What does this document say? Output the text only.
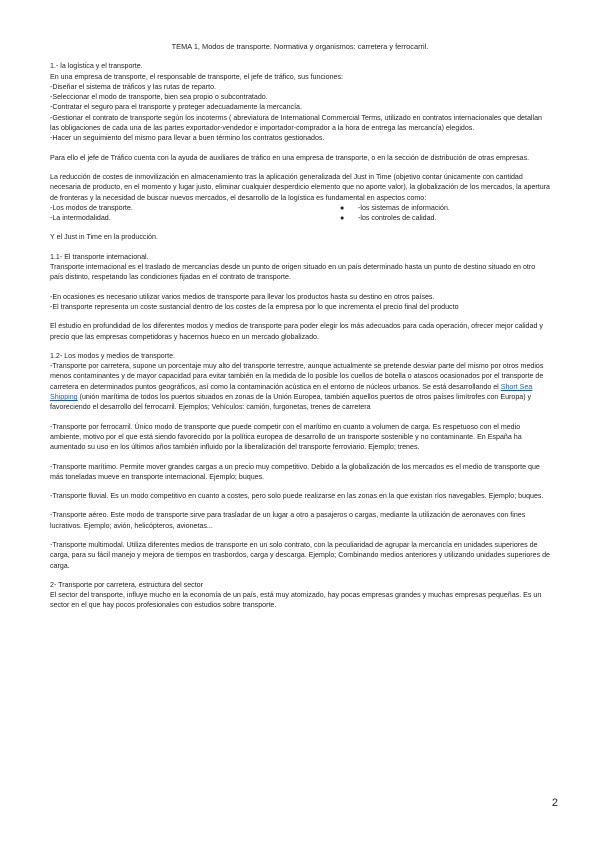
TEMA 1, Modos de transporte. Normativa y organismos: carretera y ferrocarril.

1.- la logística y el transporte.

En una empresa de transporte, el responsable de transporte, el jefe de tráfico, sus funciones:

-Diseñar el sistema de tráficos y las rutas de reparto.

-Seleccionar el modo de transporte, bien sea propio o subcontratado.

-Contratar el seguro para el transporte y proteger adecuadamente la mercancía.

-Gestionar el contrato de transporte según los incoterms ( abreviatura de International Commercial Terms, utilizado en contratos internacionales que detallan las obligaciones de cada una de las partes exportador-vendedor e importador-comprador a la hora de entrega las mercancía) elegidos.

-Hacer un seguimiento del mismo para llevar a buen término los contratos gestionados.

Para ello el jefe de Tráfico cuenta con la ayuda de auxiliares de tráfico en una empresa de transporte, o en la sección de distribución de otras empresas.

La reducción de costes de inmovilización en almacenamiento tras la aplicación generalizada del Just in Time (objetivo contar únicamente con cantidad necesaria de producto, en el momento y lugar justo, eliminar cualquier desperdicio elemento que no aporte valor), la globalización de los mercados, la apertura de fronteras y la necesidad de buscar nuevos mercados, el desarrollo de la logística es fundamental en aspectos como:

-Los modos de transporte.

-La intermodalidad.

●	-los sistemas de información.
●	-los controles de calidad.

Y el Just in Time en la producción.

1.1- El transporte internacional.

Transporte internacional es el traslado de mercancías desde un punto de origen situado en un país determinado hasta un punto de destino situado en otro país distinto, respetando las condiciones fijadas en el contrato de transporte.

-En ocasiones es necesario utilizar varios medios de transporte para llevar los productos hasta su destino en otros países.

-El transporte representa un coste sustancial dentro de los costes de la empresa por lo que incrementa el precio final del producto

El estudio en profundidad de los diferentes modos y medios de transporte para poder elegir los más adecuados para cada operación, ofrecer mejor calidad y precio que las empresas competidoras y hacernos hueco en un mercado globalizado.

1.2- Los modos y medios de transporte.

-Transporte por carretera, supone un porcentaje muy alto del transporte terrestre, aunque actualmente se pretende desviar parte del mismo por otros medios menos contaminantes y de mayor capacidad para evitar también en la medida de lo posible los cuellos de botella o atascos ocasionados por el transporte de carretera en determinados puntos geográficos, así como la contaminación acústica en el entorno de núcleos urbanos. Se está desarrollando el Short Sea Shipping (unión marítima de todos los puertos situados en zonas de la Unión Europea, también aquellos puertos de otros países limítrofes con Europa) y favoreciendo el desarrollo del ferrocarril. Ejemplos; Vehículos: camión, furgonetas, trenes de carretera

-Transporte por ferrocarril. Único modo de transporte que puede competir con el marítimo en cuanto a volumen de carga. Es respetuoso con el medio ambiente, motivo por el que está siendo favorecido por la política europea de desarrollo de un transporte sostenible y no contaminante. En España ha aumentado su uso en los últimos años también influido por la liberalización del transporte ferroviario. Ejemplo; trenes.

-Transporte marítimo. Permite mover grandes cargas a un precio muy competitivo. Debido a la globalización de los mercados es el medio de transporte que más toneladas mueve en transporte internacional. Ejemplo; buques.

-Transporte fluvial. Es un modo competitivo en cuanto a costes, pero solo puede realizarse en las zonas en la que existan ríos navegables. Ejemplo; buques.

-Transporte aéreo. Este modo de transporte sirve para trasladar de un lugar a otro a pasajeros o cargas, mediante la utilización de aeronaves con fines lucrativos. Ejemplo; avión, helicópteros, avionetas...

-Transporte multimodal. Utiliza diferentes medios de transporte en un solo contrato, con la peculiaridad de agrupar la mercancía en unidades superiores de carga, para su fácil manejo y mejora de tiempos en trasbordos, carga y descarga. Ejemplo; Combinando medios anteriores y utilizando unidades superiores de carga.

2- Transporte por carretera, estructura del sector

El sector del transporte, influye mucho en la economía de un país, está muy atomizado, hay pocas empresas grandes y muchas empresas pequeñas. Es un sector en el que hay pocos profesionales con estudios sobre transporte.

2
